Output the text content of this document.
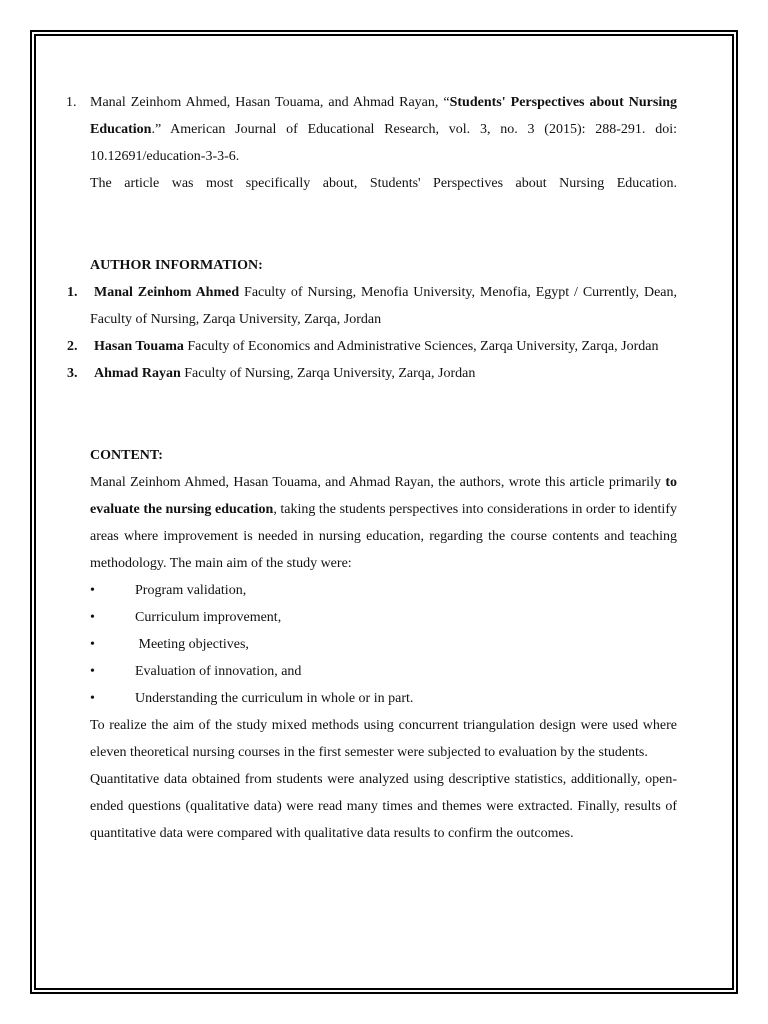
1. Manal Zeinhom Ahmed, Hasan Touama, and Ahmad Rayan, “Students' Perspectives about Nursing Education.” American Journal of Educational Research, vol. 3, no. 3 (2015): 288-291. doi: 10.12691/education-3-3-6.

The article was most specifically about, Students' Perspectives about Nursing Education.

AUTHOR INFORMATION:

1. Manal Zeinhom Ahmed Faculty of Nursing, Menofia University, Menofia, Egypt / Currently, Dean, Faculty of Nursing, Zarqa University, Zarqa, Jordan

2. Hasan Touama Faculty of Economics and Administrative Sciences, Zarqa University, Zarqa, Jordan

3. Ahmad Rayan Faculty of Nursing, Zarqa University, Zarqa, Jordan

CONTENT:

Manal Zeinhom Ahmed, Hasan Touama, and Ahmad Rayan, the authors, wrote this article primarily to evaluate the nursing education, taking the students perspectives into considerations in order to identify areas where improvement is needed in nursing education, regarding the course contents and teaching methodology. The main aim of the study were:

•	Program validation,
•	Curriculum improvement,
•	Meeting objectives,
•	Evaluation of innovation, and
•	Understanding the curriculum in whole or in part.

To realize the aim of the study mixed methods using concurrent triangulation design were used where eleven theoretical nursing courses in the first semester were subjected to evaluation by the students.

Quantitative data obtained from students were analyzed using descriptive statistics, additionally, open-ended questions (qualitative data) were read many times and themes were extracted. Finally, results of quantitative data were compared with qualitative data results to confirm the outcomes.
